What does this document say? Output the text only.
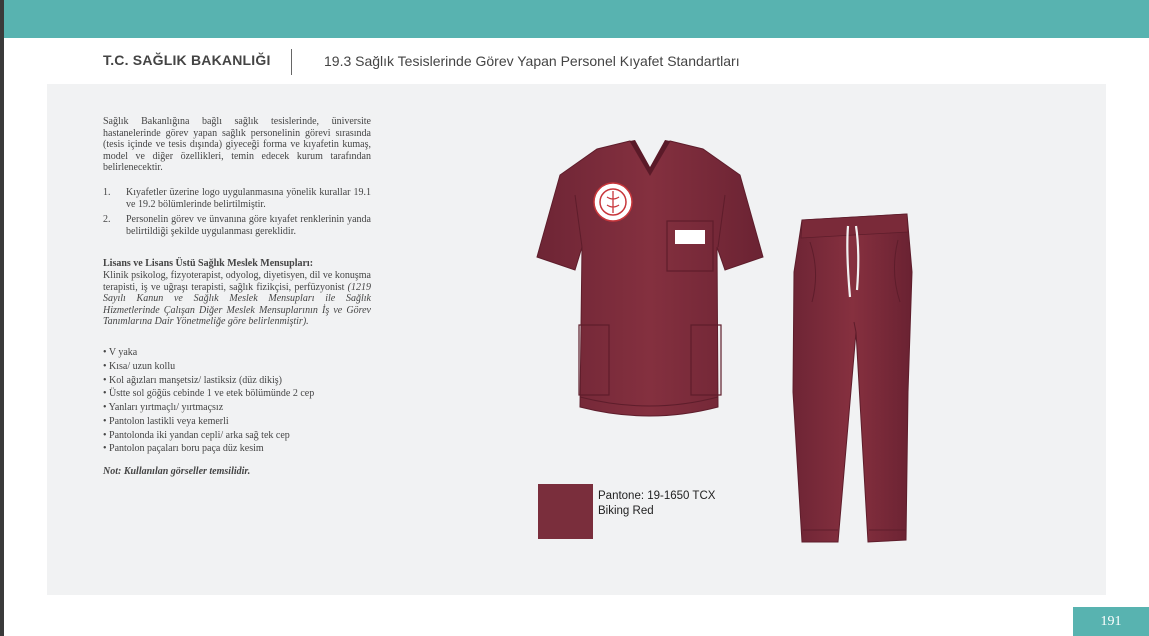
T.C. SAĞLIK BAKANLIĞI	19.3 Sağlık Tesislerinde Görev Yapan Personel Kıyafet Standartları

Sağlık Bakanlığına bağlı sağlık tesislerinde, üniversite hastanelerinde görev yapan sağlık personelinin görevi sırasında (tesis içinde ve tesis dışında) giyeceği forma ve kıyafetin kumaş, model ve diğer özellikleri, temin edecek kurum tarafından belirlenecektir.

1.	Kıyafetler üzerine logo uygulanmasına yönelik kurallar 19.1 ve 19.2 bölümlerinde belirtilmiştir.
2.	Personelin görev ve ünvanına göre kıyafet renklerinin yanda belirtildiği şekilde uygulanması gereklidir.

Lisans ve Lisans Üstü Sağlık Meslek Mensupları:

Klinik psikolog, fizyoterapist, odyolog, diyetisyen, dil ve konuşma terapisti, iş ve uğraşı terapisti, sağlık fizikçisi, perfüzyonist (1219 Sayılı Kanun ve Sağlık Meslek Mensupları ile Sağlık Hizmetlerinde Çalışan Diğer Meslek Mensuplarının İş ve Görev Tanımlarına Dair Yönetmeliğe göre belirlenmiştir).

• V yaka
• Kısa/ uzun kollu
• Kol ağızları manşetsiz/ lastiksiz (düz dikiş)
• Üstte sol göğüs cebinde 1 ve etek bölümünde 2 cep
• Yanları yırtmaçlı/ yırtmaçsız
• Pantolon lastikli veya kemerli
• Pantolonda iki yandan cepli/ arka sağ tek cep
• Pantolon paçaları boru paça düz kesim

Not: Kullanılan görseller temsilidir.

Pantone: 19-1650 TCX
Biking Red
191
